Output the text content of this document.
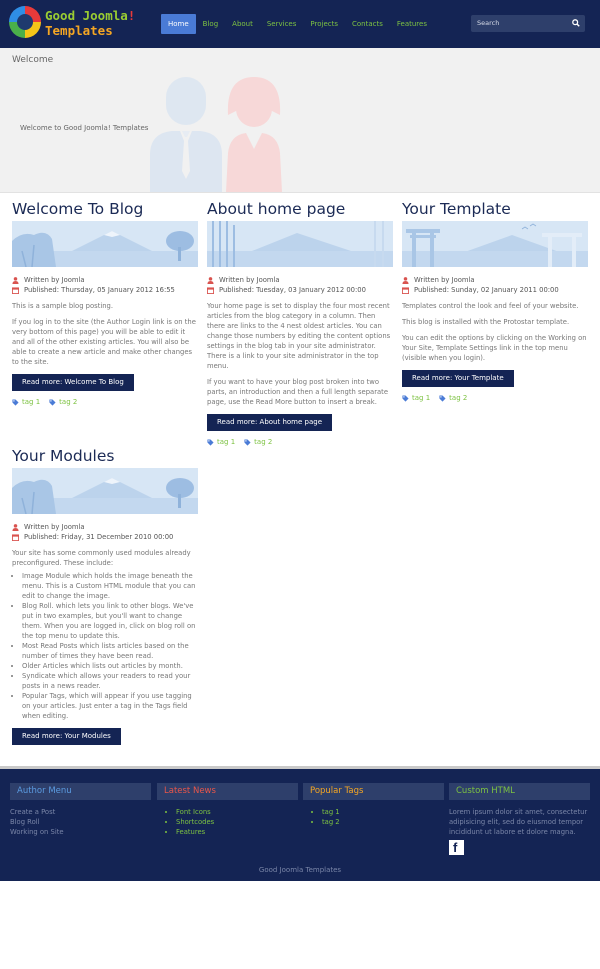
Good Joomla!
Templates	Home	Blog	About	Services	Projects	Contacts	Features	Search
Welcome
Welcome to Good Joomla! Templates
Welcome To Blog
Written by Joomla
Published: Thursday, 05 January 2012 16:55

This is a sample blog posting.

If you log in to the site (the Author Login link is on the very bottom of this page) you will be able to edit it and all of the other existing articles. You will also be able to create a new article and make other changes to the site.

Read more: Welcome To Blog
tag 1	tag 2
About home page
Written by Joomla
Published: Tuesday, 03 January 2012 00:00

Your home page is set to display the four most recent articles from the blog category in a column. Then there are links to the 4 nest oldest articles. You can change those numbers by editing the content options settings in the blog tab in your site administrator. There is a link to your site administrator in the top menu.

If you want to have your blog post broken into two parts, an introduction and then a full length separate page, use the Read More button to insert a break.

Read more: About home page
tag 1	tag 2
Your Template
Written by Joomla
Published: Sunday, 02 January 2011 00:00

Templates control the look and feel of your website.

This blog is installed with the Protostar template.

You can edit the options by clicking on the Working on Your Site, Template Settings link in the top menu (visible when you login).

Read more: Your Template
tag 1	tag 2
Your Modules
Written by Joomla
Published: Friday, 31 December 2010 00:00

Your site has some commonly used modules already preconfigured. These include:

• Image Module which holds the image beneath the menu. This is a Custom HTML module that you can edit to change the image.
• Blog Roll. which lets you link to other blogs. We've put in two examples, but you'll want to change them. When you are logged in, click on blog roll on the top menu to update this.
• Most Read Posts which lists articles based on the number of times they have been read.
• Older Articles which lists out articles by month.
• Syndicate which allows your readers to read your posts in a news reader.
• Popular Tags, which will appear if you use tagging on your articles. Just enter a tag in the Tags field when editing.
Read more: Your Modules
Author Menu
Create a Post
Blog Roll
Working on Site
Latest News
• Font Icons
• Shortcodes
• Features
Popular Tags
• tag 1
• tag 2
Custom HTML
Lorem ipsum dolor sit amet, consectetur adipisicing elit, sed do eiusmod tempor incididunt ut labore et dolore magna.
f
Good Joomla Templates
